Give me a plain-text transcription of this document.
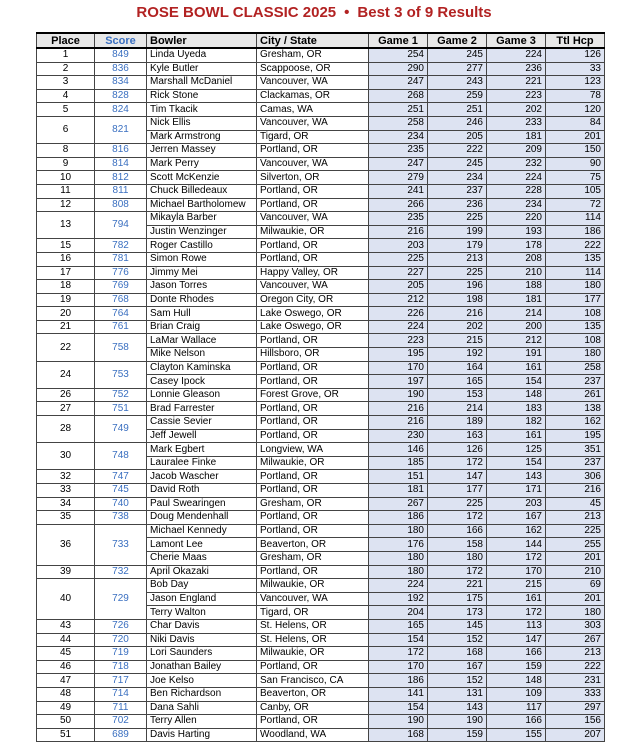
ROSE BOWL CLASSIC 2025 • Best 3 of 9 Results
Place	Score	Bowler	City / State	Game 1	Game 2	Game 3	Ttl Hcp
1	849	Linda Uyeda	Gresham, OR	254	245	224	126
2	836	Kyle Butler	Scappoose, OR	290	277	236	33
3	834	Marshall McDaniel	Vancouver, WA	247	243	221	123
4	828	Rick Stone	Clackamas, OR	268	259	223	78
5	824	Tim Tkacik	Camas, WA	251	251	202	120
6	821	Nick Ellis	Vancouver, WA	258	246	233	84
		Mark Armstrong	Tigard, OR	234	205	181	201
8	816	Jerren Massey	Portland, OR	235	222	209	150
9	814	Mark Perry	Vancouver, WA	247	245	232	90
10	812	Scott McKenzie	Silverton, OR	279	234	224	75
11	811	Chuck Billedeaux	Portland, OR	241	237	228	105
12	808	Michael Bartholomew	Portland, OR	266	236	234	72
13	794	Mikayla Barber	Vancouver, WA	235	225	220	114
		Justin Wenzinger	Milwaukie, OR	216	199	193	186
15	782	Roger Castillo	Portland, OR	203	179	178	222
16	781	Simon Rowe	Portland, OR	225	213	208	135
17	776	Jimmy Mei	Happy Valley, OR	227	225	210	114
18	769	Jason Torres	Vancouver, WA	205	196	188	180
19	768	Donte Rhodes	Oregon City, OR	212	198	181	177
20	764	Sam Hull	Lake Oswego, OR	226	216	214	108
21	761	Brian Craig	Lake Oswego, OR	224	202	200	135
22	758	LaMar Wallace	Portland, OR	223	215	212	108
		Mike Nelson	Hillsboro, OR	195	192	191	180
24	753	Clayton Kaminska	Portland, OR	170	164	161	258
		Casey Ipock	Portland, OR	197	165	154	237
26	752	Lonnie Gleason	Forest Grove, OR	190	153	148	261
27	751	Brad Farrester	Portland, OR	216	214	183	138
28	749	Cassie Sevier	Portland, OR	216	189	182	162
		Jeff Jewell	Portland, OR	230	163	161	195
30	748	Mark Egbert	Longview, WA	146	126	125	351
		Lauralee Finke	Milwaukie, OR	185	172	154	237
32	747	Jacob Wascher	Portland, OR	151	147	143	306
33	745	David Roth	Portland, OR	181	177	171	216
34	740	Paul Swearingen	Gresham, OR	267	225	203	45
35	738	Doug Mendenhall	Portland, OR	186	172	167	213
36	733	Michael Kennedy	Portland, OR	180	166	162	225
		Lamont Lee	Beaverton, OR	176	158	144	255
		Cherie Maas	Gresham, OR	180	180	172	201
39	732	April Okazaki	Portland, OR	180	172	170	210
40	729	Bob Day	Milwaukie, OR	224	221	215	69
		Jason England	Vancouver, WA	192	175	161	201
		Terry Walton	Tigard, OR	204	173	172	180
43	726	Char Davis	St. Helens, OR	165	145	113	303
44	720	Niki Davis	St. Helens, OR	154	152	147	267
45	719	Lori Saunders	Milwaukie, OR	172	168	166	213
46	718	Jonathan Bailey	Portland, OR	170	167	159	222
47	717	Joe Kelso	San Francisco, CA	186	152	148	231
48	714	Ben Richardson	Beaverton, OR	141	131	109	333
49	711	Dana Sahli	Canby, OR	154	143	117	297
50	702	Terry Allen	Portland, OR	190	190	166	156
51	689	Davis Harting	Woodland, WA	168	159	155	207
